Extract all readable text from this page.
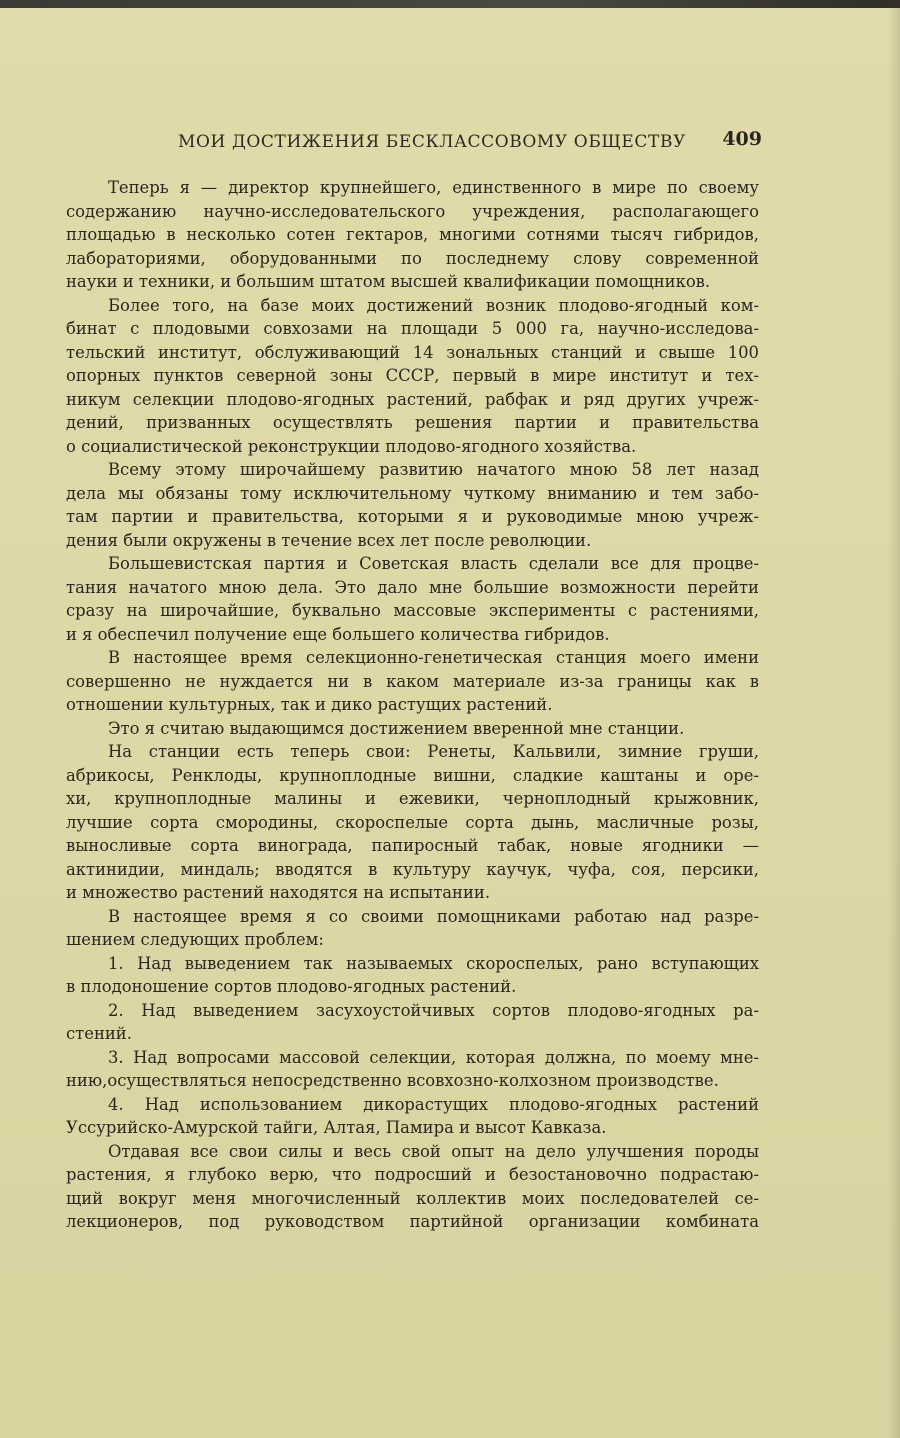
МОИ ДОСТИЖЕНИЯ БЕСКЛАССОВОМУ ОБЩЕСТВУ 409
Теперь я — директор крупнейшего, единственного в мире по своему
содержанию научно-исследовательского учреждения, располагающего
площадью в несколько сотен гектаров, многими сотнями тысяч гибридов,
лабораториями, оборудованными по последнему слову современной
науки и техники, и большим штатом высшей квалификации помощников.
Более того, на базе моих достижений возник плодово-ягодный ком-
бинат с плодовыми совхозами на площади 5 000 га, научно-исследова-
тельский институт, обслуживающий 14 зональных станций и свыше 100
опорных пунктов северной зоны СССР, первый в мире институт и тех-
никум селекции плодово-ягодных растений, рабфак и ряд других учреж-
дений, призванных осуществлять решения партии и правительства
о социалистической реконструкции плодово-ягодного хозяйства.
Всему этому широчайшему развитию начатого мною 58 лет назад
дела мы обязаны тому исключительному чуткому вниманию и тем забо-
там партии и правительства, которыми я и руководимые мною учреж-
дения были окружены в течение всех лет после революции.
Большевистская партия и Советская власть сделали все для процве-
тания начатого мною дела. Это дало мне большие возможности перейти
сразу на широчайшие, буквально массовые эксперименты с растениями,
и я обеспечил получение еще большего количества гибридов.
В настоящее время селекционно-генетическая станция моего имени
совершенно не нуждается ни в каком материале из-за границы как в
отношении культурных, так и дико растущих растений.
Это я считаю выдающимся достижением вверенной мне станции.
На станции есть теперь свои: Ренеты, Кальвили, зимние груши,
абрикосы, Ренклоды, крупноплодные вишни, сладкие каштаны и оре-
хи, крупноплодные малины и ежевики, черноплодный крыжовник,
лучшие сорта смородины, скороспелые сорта дынь, масличные розы,
выносливые сорта винограда, папиросный табак, новые ягодники —
актинидии, миндаль; вводятся в культуру каучук, чуфа, соя, персики,
и множество растений находятся на испытании.
В настоящее время я со своими помощниками работаю над разре-
шением следующих проблем:
1. Над выведением так называемых скороспелых, рано вступающих
в плодоношение сортов плодово-ягодных растений.
2. Над выведением засухоустойчивых сортов плодово-ягодных ра-
стений.
3. Над вопросами массовой селекции, которая должна, по моему мне-
нию,осуществляться непосредственно всовхозно-колхозном производстве.
4. Над использованием дикорастущих плодово-ягодных растений
Уссурийско-Амурской тайги, Алтая, Памира и высот Кавказа.
Отдавая все свои силы и весь свой опыт на дело улучшения породы
растения, я глубоко верю, что подросший и безостановочно подрастаю-
щий вокруг меня многочисленный коллектив моих последователей се-
лекционеров, под руководством партийной организации комбината
